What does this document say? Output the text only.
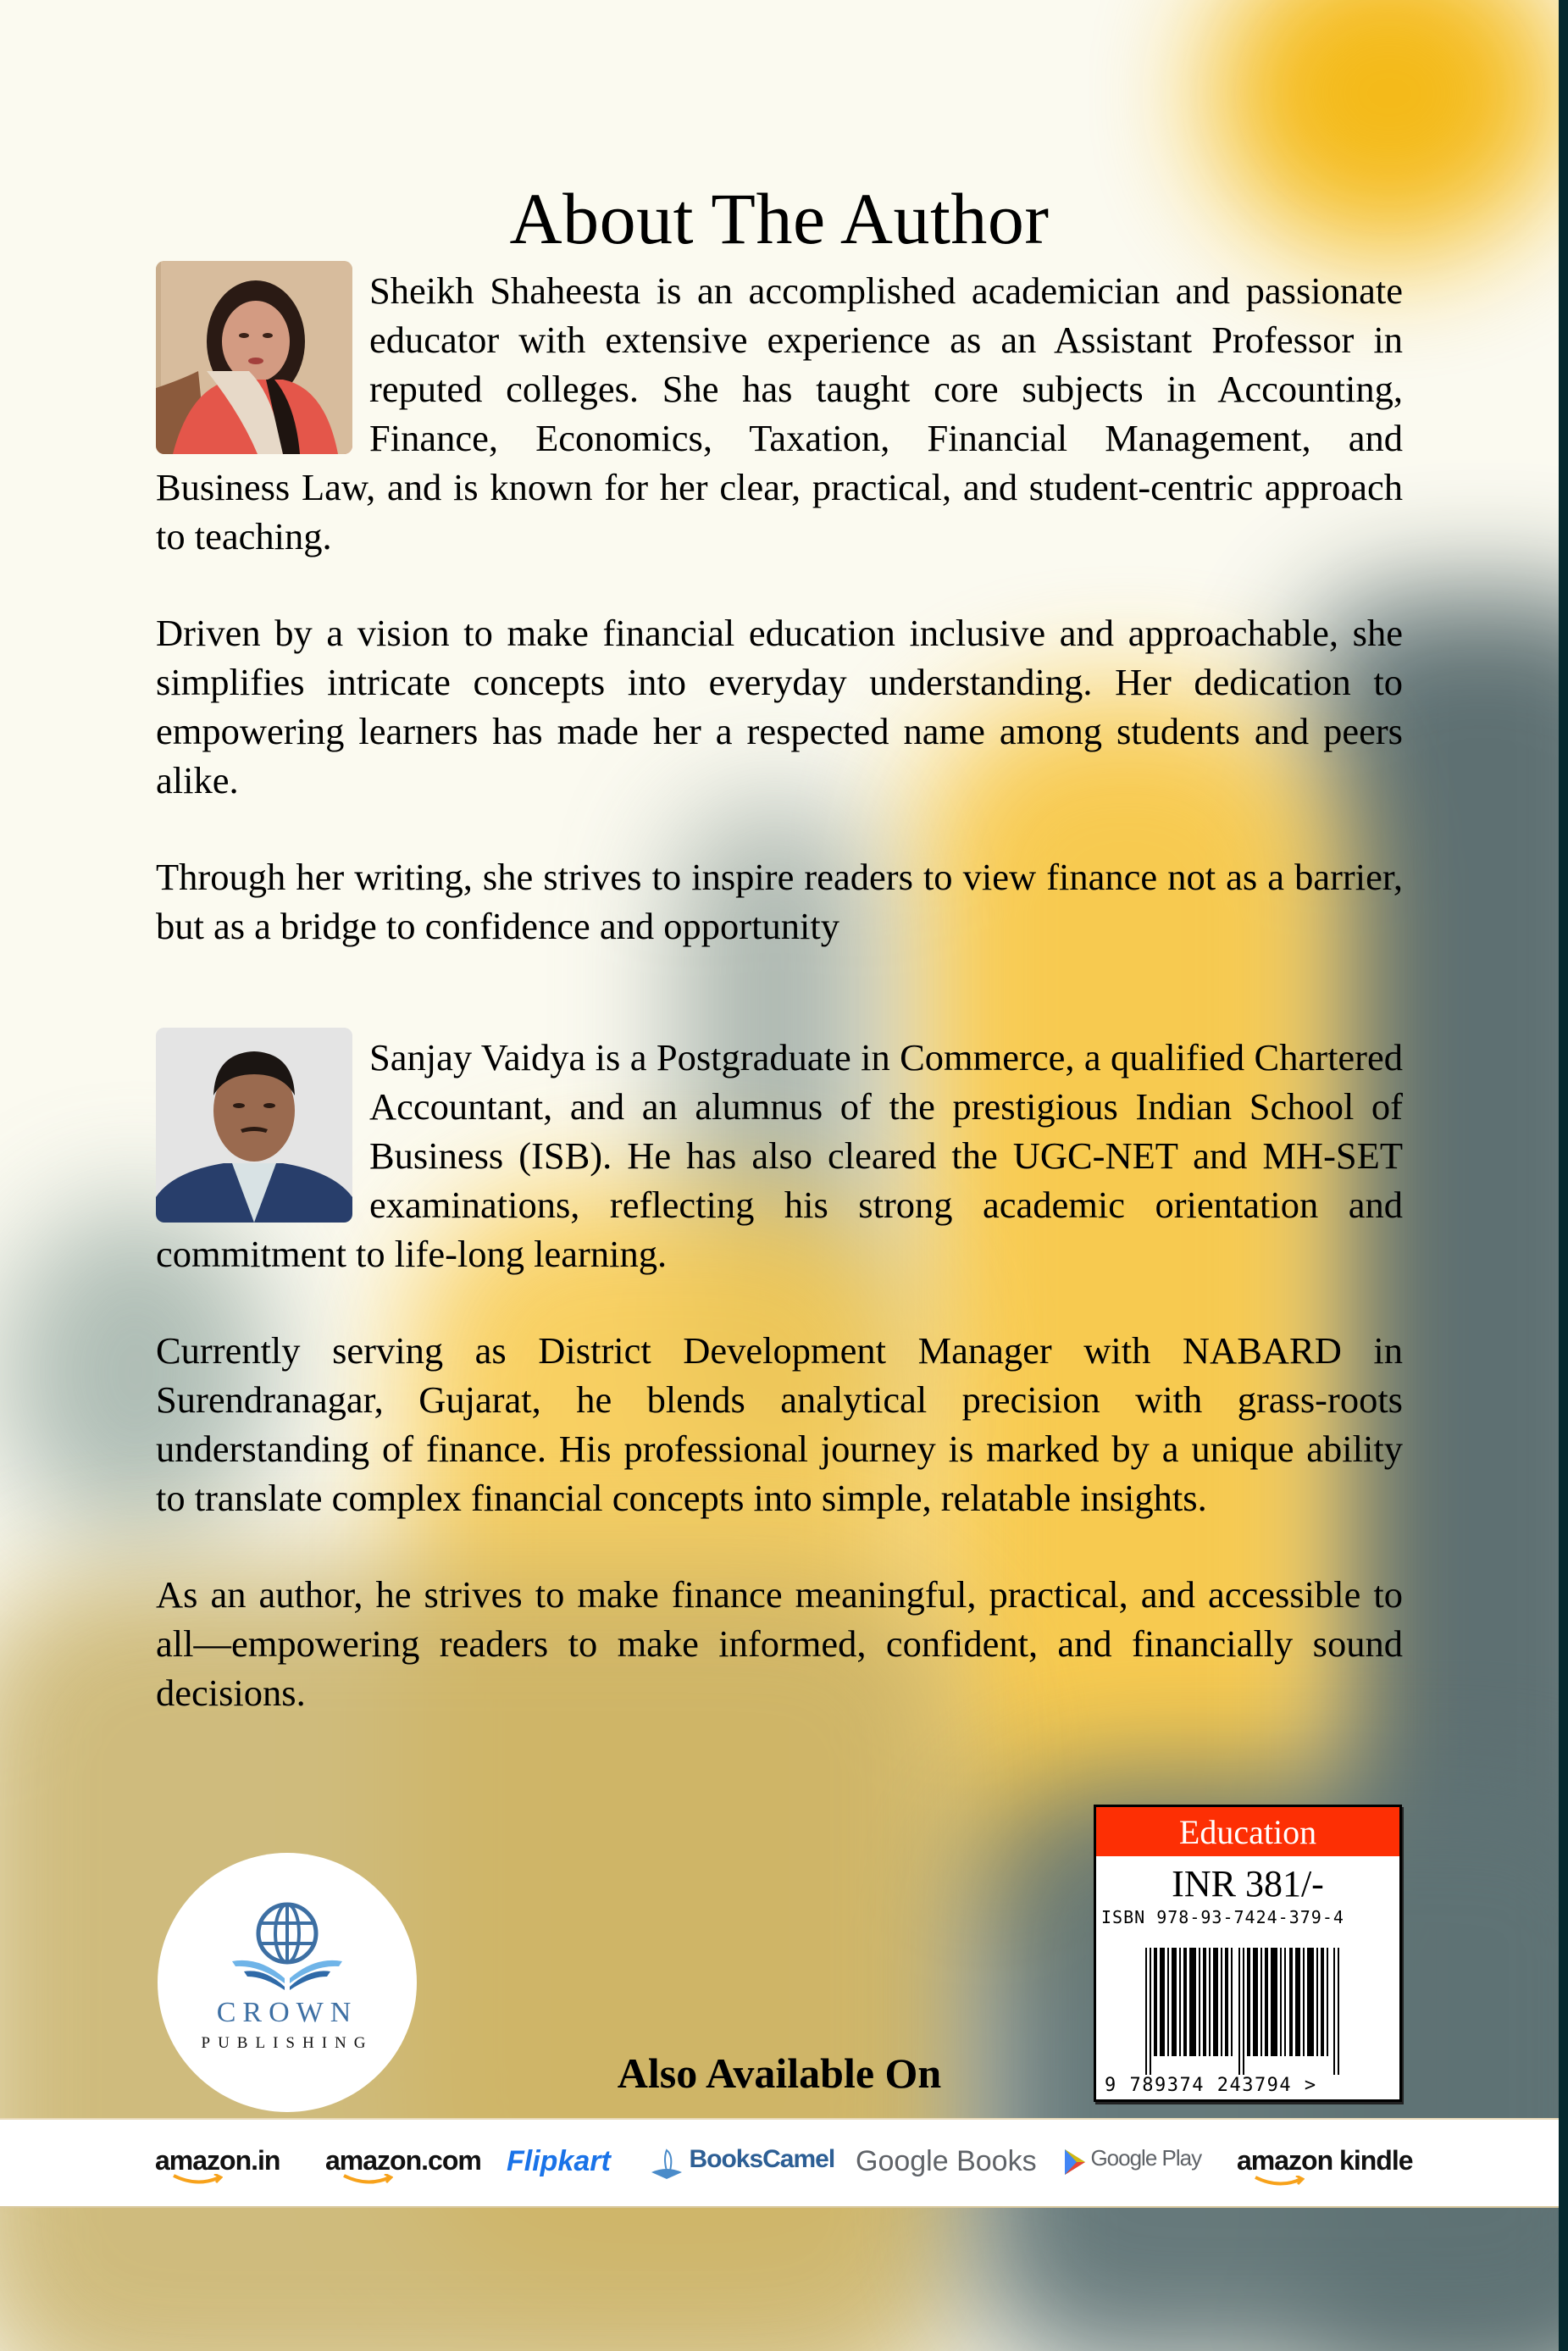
About The Author

Sheikh Shaheesta is an accomplished academician and passionate educator with extensive experience as an Assistant Professor in reputed colleges. She has taught core subjects in Accounting, Finance, Economics, Taxation, Financial Management, and Business Law, and is known for her clear, practical, and student-centric approach to teaching.

Driven by a vision to make financial education inclusive and approachable, she simplifies intricate concepts into everyday understanding. Her dedication to empowering learners has made her a respected name among students and peers alike.

Through her writing, she strives to inspire readers to view finance not as a barrier, but as a bridge to confidence and opportunity

Sanjay Vaidya is a Postgraduate in Commerce, a qualified Chartered Accountant, and an alumnus of the prestigious Indian School of Business (ISB). He has also cleared the UGC-NET and MH-SET examinations, reflecting his strong academic orientation and commitment to life-long learning.

Currently serving as District Development Manager with NABARD in Surendranagar, Gujarat, he blends analytical precision with grass-roots understanding of finance. His professional journey is marked by a unique ability to translate complex financial concepts into simple, relatable insights.

As an author, he strives to make finance meaningful, practical, and accessible to all—empowering readers to make informed, confident, and financially sound decisions.

CROWN
PUBLISHING
Education
INR 381/-
ISBN 978-93-7424-379-4
9 789374 243794 >
Also Available On
amazon.in amazon.com Flipkart	BooksCamel Google Books	Google Play amazon kindle
